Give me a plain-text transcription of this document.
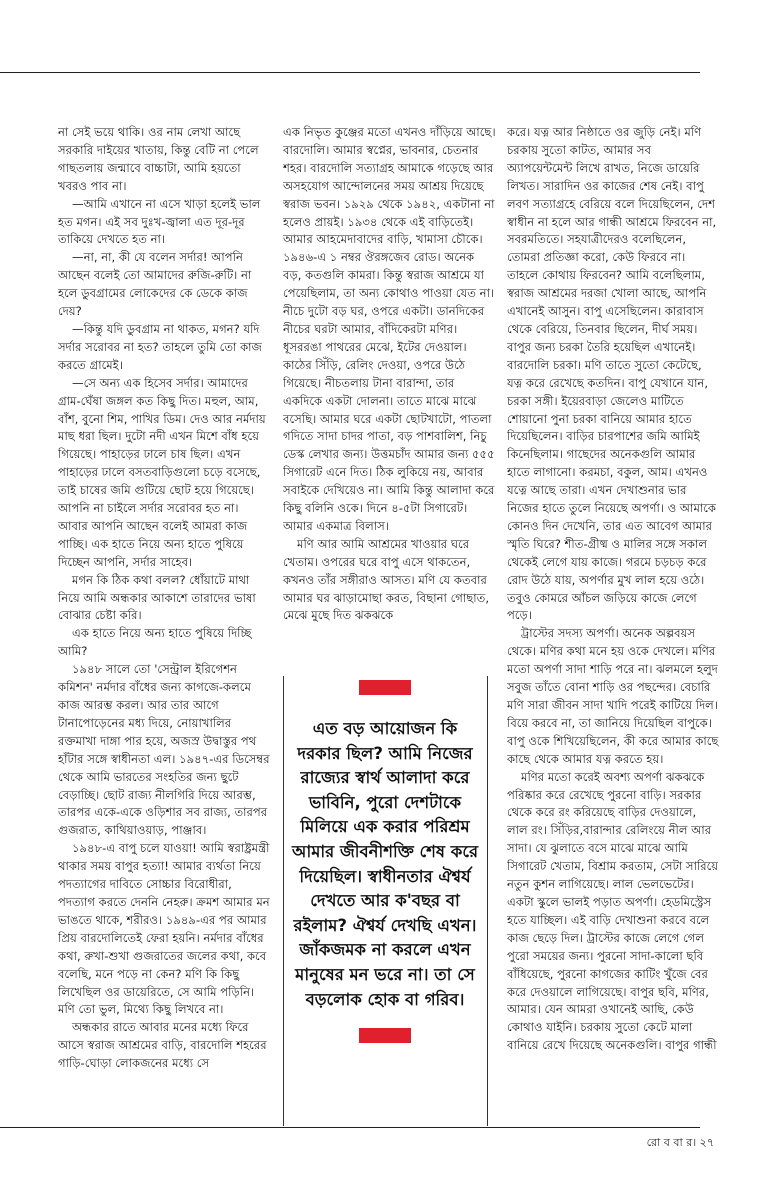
না সেই ভয়ে থাকি। ওর নাম লেখা আছে সরকারি দাইয়ের খাতায়, কিন্তু বেটি না পেলে গাছতলায় জন্মাবে বাচ্চাটা, আমি হয়তো খবরও পাব না।

—আমি এখানে না এসে খাড়া হলেই ভাল হত মগন। এই সব দুঃখ-জ্বালা এত দূর-দূর তাকিয়ে দেখতে হত না।

—না, না, কী যে বলেন সর্দার! আপনি আছেন বলেই তো আমাদের রুজি-রুটি। না হলে ডুবগ্রামের লোকেদের কে ডেকে কাজ দেয়?

—কিন্তু যদি ডুবগ্রাম না থাকত, মগন? যদি সর্দার সরোবর না হত? তাহলে তুমি তো কাজ করতে গ্রামেই।

—সে অন্য এক হিসেব সর্দার। আমাদের গ্রাম-ঘেঁষা জঙ্গল কত কিছু দিত। মহুল, আম, বাঁশ, বুনো শিম, পাখির ডিম। দেও আর নর্মদায় মাছ ধরা ছিল। দুটো নদী এখন মিশে বাঁধ হয়ে গিয়েছে। পাহাড়ের ঢালে চাষ ছিল। এখন পাহাড়ের ঢালে বসতবাড়িগুলো চড়ে বসেছে, তাই চাষের জমি গুটিয়ে ছোট হয়ে গিয়েছে। আপনি না চাইলে সর্দার সরোবর হত না। আবার আপনি আছেন বলেই আমরা কাজ পাচ্ছি। এক হাতে নিয়ে অন্য হাতে পুষিয়ে দিচ্ছেন আপনি, সর্দার সাহেব।

মগন কি ঠিক কথা বলল? ধোঁয়াটে মাথা নিয়ে আমি অন্ধকার আকাশে তারাদের ভাষা বোঝার চেষ্টা করি।

এক হাতে নিয়ে অন্য হাতে পুষিয়ে দিচ্ছি আমি?

১৯৪৮ সালে তো 'সেন্ট্রাল ইরিগেশন কমিশন' নর্মদার বাঁধের জন্য কাগজে-কলমে কাজ আরম্ভ করল। আর তার আগে টানাপোড়েনের মধ্য দিয়ে, নোয়াখালির রক্তমাখা দাঙ্গা পার হয়ে, অজস্র উদ্বাস্তুর পথ হাঁটার সঙ্গে স্বাধীনতা এল। ১৯৪৭-এর ডিসেম্বর থেকে আমি ভারতের সংহতির জন্য ছুটে বেড়াচ্ছি। ছোট রাজ্য নীলগিরি দিয়ে আরম্ভ, তারপর একে-একে ওড়িশার সব রাজ্য, তারপর গুজরাত, কাথিয়াওয়াড়, পাঞ্জাব।

১৯৪৮-এ বাপু চলে যাওয়া! আমি স্বরাষ্ট্রমন্ত্রী থাকার সময় বাপুর হত্যা! আমার ব্যর্থতা নিয়ে পদত্যাগের দাবিতে সোচ্চার বিরোধীরা, পদত্যাগ করতে দেননি নেহরু। ক্রমশ আমার মন ভাঙতে থাকে, শরীরও। ১৯৪৯-এর পর আমার প্রিয় বারদোলিতেই ফেরা হয়নি। নর্মদার বাঁধের কথা, রুখা-শুখা গুজরাতের জলের কথা, কবে বলেছি, মনে পড়ে না কেন? মণি কি কিছু লিখেছিল ওর ডায়েরিতে, সে আমি পড়িনি। মণি তো ভুল, মিথ্যে কিছু লিখবে না।

অন্ধকার রাতে আবার মনের মধ্যে ফিরে আসে স্বরাজ আশ্রমের বাড়ি, বারদোলি শহরের গাড়ি-ঘোড়া লোকজনের মধ্যে সে

এক নিভৃত কুঞ্জের মতো এখনও দাঁড়িয়ে আছে। বারদোলি। আমার স্বপ্নের, ভাবনার, চেতনার শহর। বারদোলি সত্যাগ্রহ আমাকে গড়েছে আর অসহযোগ আন্দোলনের সময় আশ্রয় দিয়েছে স্বরাজ ভবন। ১৯২৯ থেকে ১৯৪২, একটানা না হলেও প্রায়ই। ১৯৩৪ থেকে এই বাড়িতেই। আমার আহমেদাবাদের বাড়ি, খামাসা চৌকে। ১৯৪৬-এ ১ নম্বর ঔরঙ্গজেব রোড। অনেক বড়, কতগুলি কামরা। কিন্তু স্বরাজ আশ্রমে যা পেয়েছিলাম, তা অন্য কোথাও পাওয়া যেত না। নীচে দুটো বড় ঘর, ওপরে একটা। ডানদিকের নীচের ঘরটা আমার, বাঁদিকেরটা মণির। ধূসররঙা পাথরের মেঝে, ইটের দেওয়াল। কাঠের সিঁড়ি, রেলিং দেওয়া, ওপরে উঠে গিয়েছে। নীচতলায় টানা বারান্দা, তার একদিকে একটা দোলনা। তাতে মাঝে মাঝে বসেছি। আমার ঘরে একটা ছোটখাটো, পাতলা গদিতে সাদা চাদর পাতা, বড় পাশবালিশ, নিচু ডেস্ক লেখার জন্য। উত্তমচাঁদ আমার জন্য ৫৫৫ সিগারেট এনে দিত। ঠিক লুকিয়ে নয়, আবার সবাইকে দেখিয়েও না। আমি কিন্তু আলাদা করে কিছু বলিনি ওকে। দিনে ৪-৫টা সিগারেট। আমার একমাত্র বিলাস।

মণি আর আমি আশ্রমের খাওয়ার ঘরে খেতাম। ওপরের ঘরে বাপু এসে থাকতেন, কখনও তাঁর সঙ্গীরাও আসত। মণি যে কতবার আমার ঘর ঝাড়ামোছা করত, বিছানা গোছাত, মেঝে মুছে দিত ঝকঝকে

এত বড় আয়োজন কি দরকার ছিল? আমি নিজের রাজ্যের স্বার্থ আলাদা করে ভাবিনি, পুরো দেশটাকে মিলিয়ে এক করার পরিশ্রম আমার জীবনীশক্তি শেষ করে দিয়েছিল। স্বাধীনতার ঐশ্বর্য দেখতে আর ক'বছর বা রইলাম? ঐশ্বর্য দেখছি এখন। জাঁকজমক না করলে এখন মানুষের মন ভরে না। তা সে বড়লোক হোক বা গরিব।

করে। যত্ন আর নিষ্ঠাতে ওর জুড়ি নেই। মণি চরকায় সুতো কাটত, আমার সব অ্যাপয়েন্টমেন্ট লিখে রাখত, নিজে ডায়েরি লিখত। সারাদিন ওর কাজের শেষ নেই। বাপু লবণ সত্যাগ্রহে বেরিয়ে বলে দিয়েছিলেন, দেশ স্বাধীন না হলে আর গান্ধী আশ্রমে ফিরবেন না, সবরমতিতে। সহযাত্রীদেরও বলেছিলেন, তোমরা প্রতিজ্ঞা করো, কেউ ফিরবে না। তাহলে কোথায় ফিরবেন? আমি বলেছিলাম, স্বরাজ আশ্রমের দরজা খোলা আছে, আপনি এখানেই আসুন। বাপু এসেছিলেন। কারাবাস থেকে বেরিয়ে, তিনবার ছিলেন, দীর্ঘ সময়। বাপুর জন্য চরকা তৈরি হয়েছিল এখানেই। বারদোলি চরকা। মণি তাতে সুতো কেটেছে, যত্ন করে রেখেছে কতদিন। বাপু যেখানে যান, চরকা সঙ্গী। ইয়েরবাড়া জেলেও মাটিতে শোয়ানো পুনা চরকা বানিয়ে আমার হাতে দিয়েছিলেন। বাড়ির চারপাশের জমি আমিই কিনেছিলাম। গাছেদের অনেকগুলি আমার হাতে লাগানো। করমচা, বকুল, আম। এখনও যত্নে আছে তারা। এখন দেখাশুনার ভার নিজের হাতে তুলে নিয়েছে অপর্ণা। ও আমাকে কোনও দিন দেখেনি, তার এত আবেগ আমার স্মৃতি ঘিরে? শীত-গ্রীষ্ম ও মালির সঙ্গে সকাল থেকেই লেগে যায় কাজে। গরমে চড়চড় করে রোদ উঠে যায়, অপর্ণার মুখ লাল হয়ে ওঠে। তবুও কোমরে আঁচল জড়িয়ে কাজে লেগে পড়ে।

ট্রাস্টের সদস্য অপর্ণা। অনেক অল্পবয়স থেকে। মণির কথা মনে হয় ওকে দেখলে। মণির মতো অপর্ণা সাদা শাড়ি পরে না। ঝলমলে হলুদ সবুজ তাঁতে বোনা শাড়ি ওর পছন্দের। বেচারি মণি সারা জীবন সাদা খাদি পরেই কাটিয়ে দিল। বিয়ে করবে না, তা জানিয়ে দিয়েছিল বাপুকে। বাপু ওকে শিখিয়েছিলেন, কী করে আমার কাছে কাছে থেকে আমার যত্ন করতে হয়।

মণির মতো করেই অবশ্য অপর্ণা ঝকঝকে পরিষ্কার করে রেখেছে পুরনো বাড়ি। সরকার থেকে করে রং করিয়েছে বাড়ির দেওয়ালে, লাল রং। সিঁড়ির,বারান্দার রেলিংয়ে নীল আর সাদা। যে ঝুলাতে বসে মাঝে মাঝে আমি সিগারেট খেতাম, বিশ্রাম করতাম, সেটা সারিয়ে নতুন কুশন লাগিয়েছে। লাল ভেলভেটের। একটা স্কুলে ভালই পড়াত অপর্ণা। হেডমিস্ট্রেস হতে যাচ্ছিল। এই বাড়ি দেখাশুনা করবে বলে কাজ ছেড়ে দিল। ট্রাস্টের কাজে লেগে গেল পুরো সময়ের জন্য। পুরনো সাদা-কালো ছবি বাঁধিয়েছে, পুরনো কাগজের কাটিং খুঁজে বের করে দেওয়ালে লাগিয়েছে। বাপুর ছবি, মণির, আমার। যেন আমরা ওখানেই আছি, কেউ কোথাও যাইনি। চরকায় সুতো কেটে মালা বানিয়ে রেখে দিয়েছে অনেকগুলি। বাপুর গান্ধী

রো ব বা র। ২৭
